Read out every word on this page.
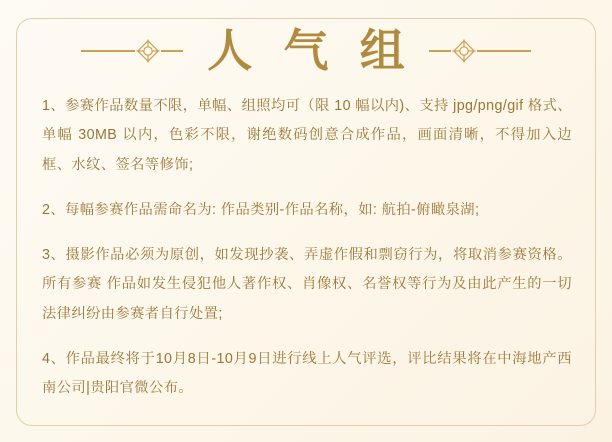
人 气 组

1、参赛作品数量不限，单幅、组照均可（限 10 幅以内)、支持 jpg/png/gif 格式、单幅 30MB 以内，色彩不限，谢绝数码创意合成作品，画面清晰，不得加入边框、水纹、签名等修饰;

2、每幅参赛作品需命名为: 作品类别-作品名称，如: 航拍-俯瞰泉湖;

3、摄影作品必须为原创，如发现抄袭、弄虚作假和剽窃行为，将取消参赛资格。所有参赛 作品如发生侵犯他人著作权、肖像权、名誉权等行为及由此产生的一切法律纠纷由参赛者自行处置;

4、作品最终将于10月8日-10月9日进行线上人气评选，评比结果将在中海地产西南公司|贵阳官微公布。
